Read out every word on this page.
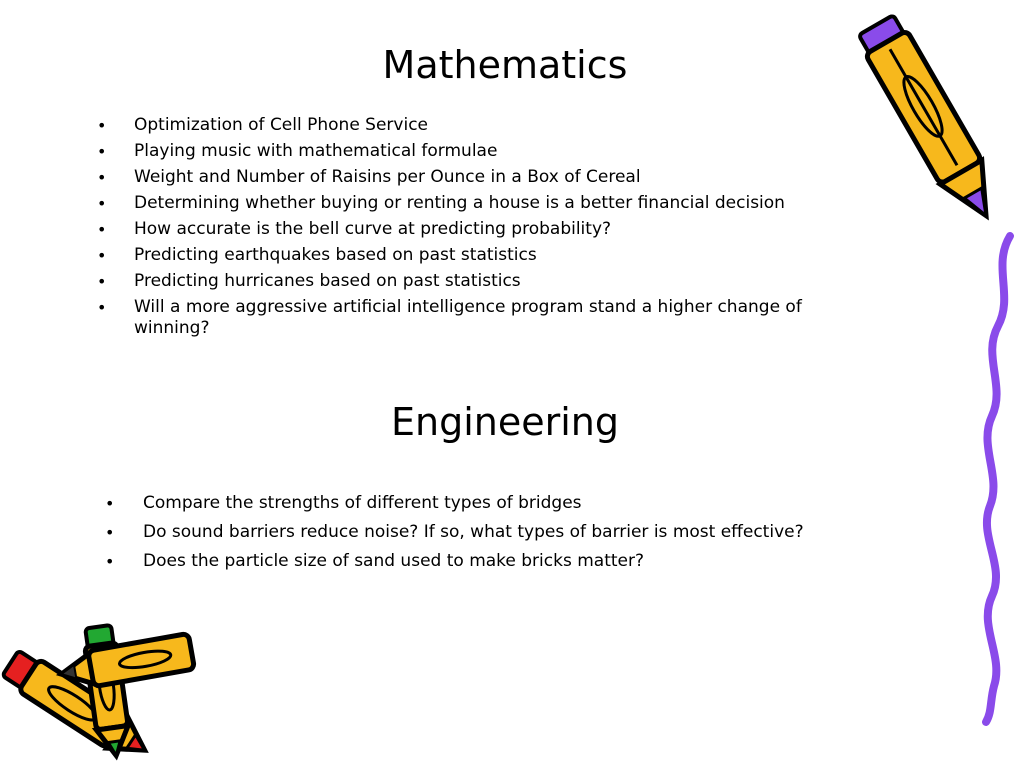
Mathematics
• Optimization of Cell Phone Service
• Playing music with mathematical formulae
• Weight and Number of Raisins per Ounce in a Box of Cereal
• Determining whether buying or renting a house is a better financial decision
• How accurate is the bell curve at predicting probability?
• Predicting earthquakes based on past statistics
• Predicting hurricanes based on past statistics
• Will a more aggressive artificial intelligence program stand a higher change of winning?
Engineering
• Compare the strengths of different types of bridges
• Do sound barriers reduce noise? If so, what types of barrier is most effective?
• Does the particle size of sand used to make bricks matter?
